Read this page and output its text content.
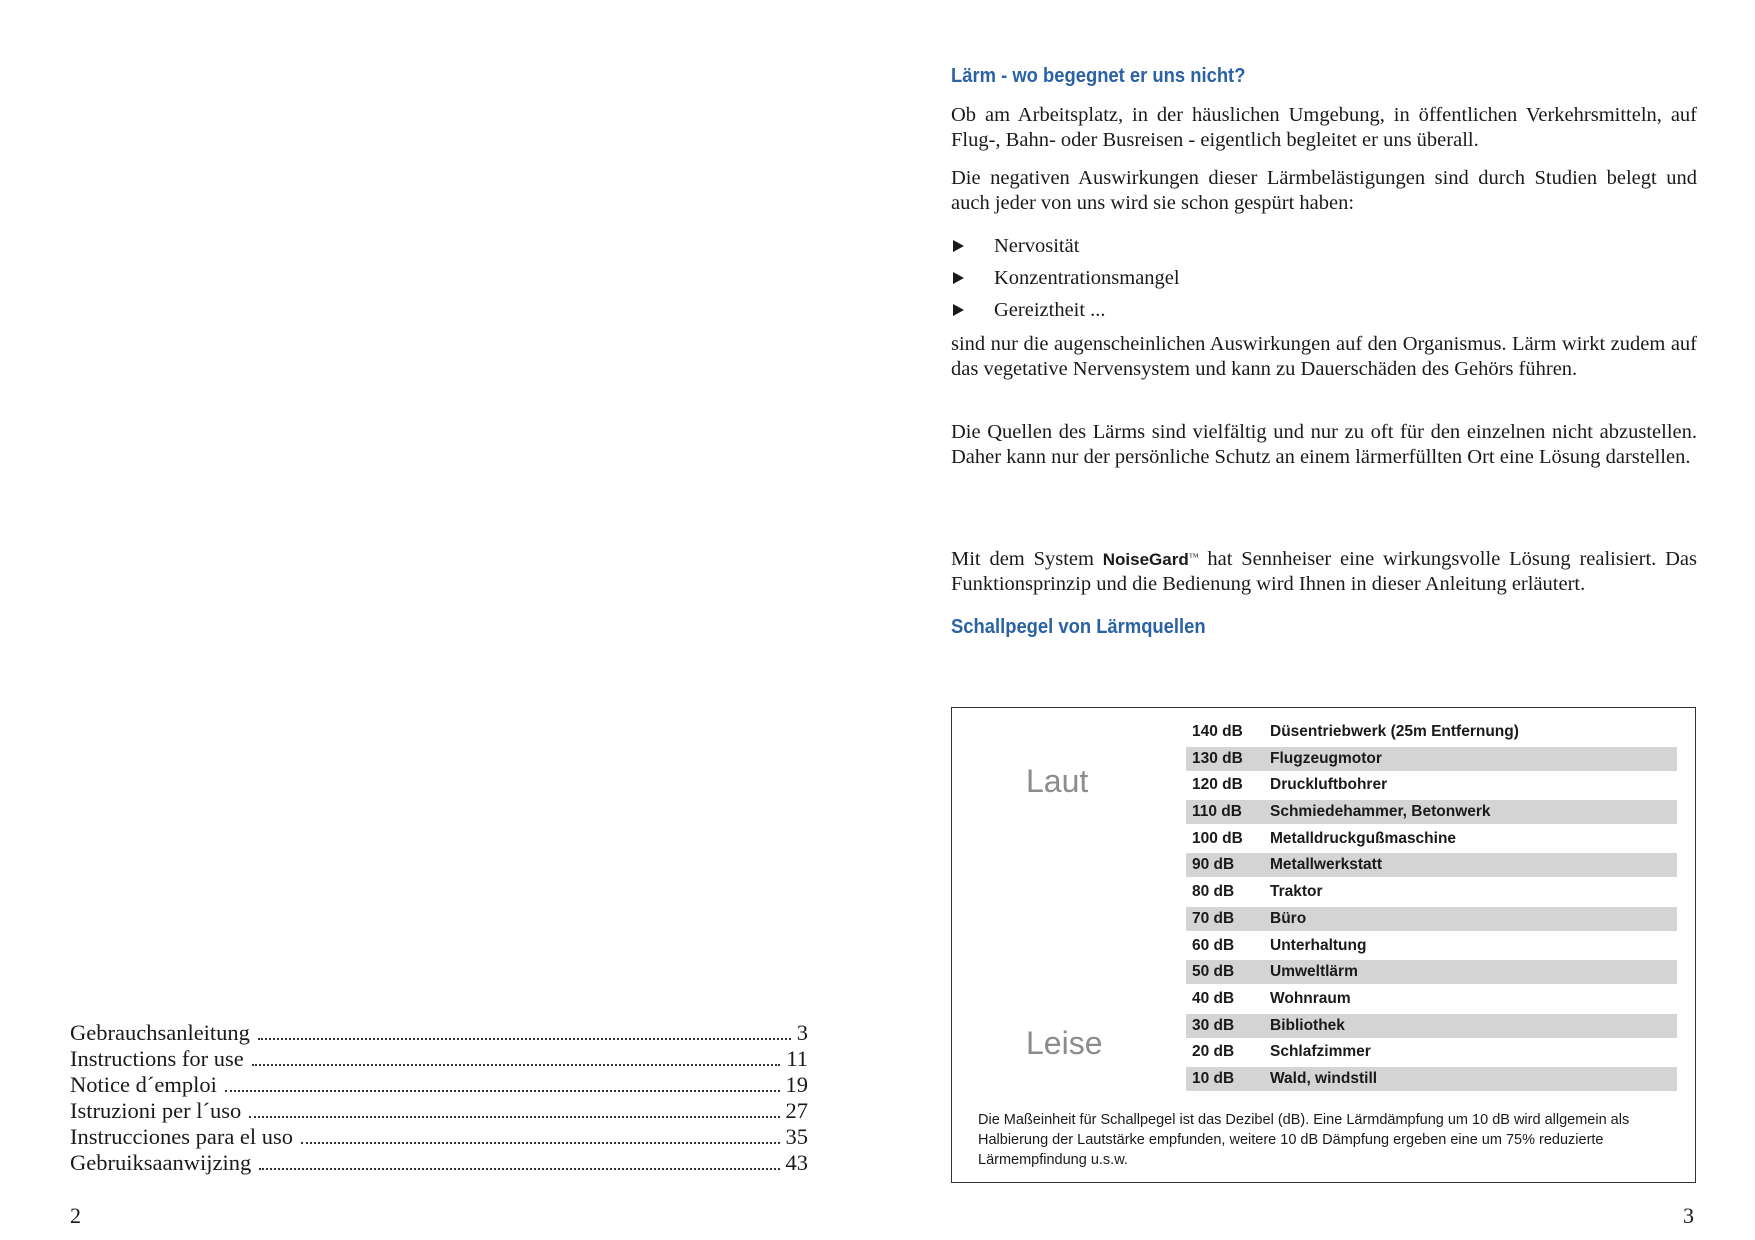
Gebrauchsanleitung	3
Instructions for use	11
Notice d´emploi	19
Istruzioni per l´uso	27
Instrucciones para el uso	35
Gebruiksaanwijzing	43
2
Lärm - wo begegnet er uns nicht?

Ob am Arbeitsplatz, in der häuslichen Umgebung, in öffentlichen Verkehrsmitteln, auf Flug-, Bahn- oder Busreisen - eigentlich begleitet er uns überall.

Die negativen Auswirkungen dieser Lärmbelästigungen sind durch Studien belegt und auch jeder von uns wird sie schon gespürt haben:

Nervosität
Konzentrationsmangel
Gereiztheit ...

sind nur die augenscheinlichen Auswirkungen auf den Organismus. Lärm wirkt zudem auf das vegetative Nervensystem und kann zu Dauerschäden des Gehörs führen.

Die Quellen des Lärms sind vielfältig und nur zu oft für den einzelnen nicht abzustellen. Daher kann nur der persönliche Schutz an einem lärmerfüllten Ort eine Lösung darstellen.

Mit dem System NoiseGard™ hat Sennheiser eine wirkungsvolle Lösung realisiert. Das Funktionsprinzip und die Bedienung wird Ihnen in dieser Anleitung erläutert.

Schallpegel von Lärmquellen
Laut
Leise
140 dB	Düsentriebwerk (25m Entfernung)
130 dB	Flugzeugmotor
120 dB	Druckluftbohrer
110 dB	Schmiedehammer, Betonwerk
100 dB	Metalldruckgußmaschine
90 dB	Metallwerkstatt
80 dB	Traktor
70 dB	Büro
60 dB	Unterhaltung
50 dB	Umweltlärm
40 dB	Wohnraum
30 dB	Bibliothek
20 dB	Schlafzimmer
10 dB	Wald, windstill
Die Maßeinheit für Schallpegel ist das Dezibel (dB). Eine Lärmdämpfung um 10 dB wird allgemein als Halbierung der Lautstärke empfunden, weitere 10 dB Dämpfung ergeben eine um 75% reduzierte Lärmempfindung u.s.w.
3
